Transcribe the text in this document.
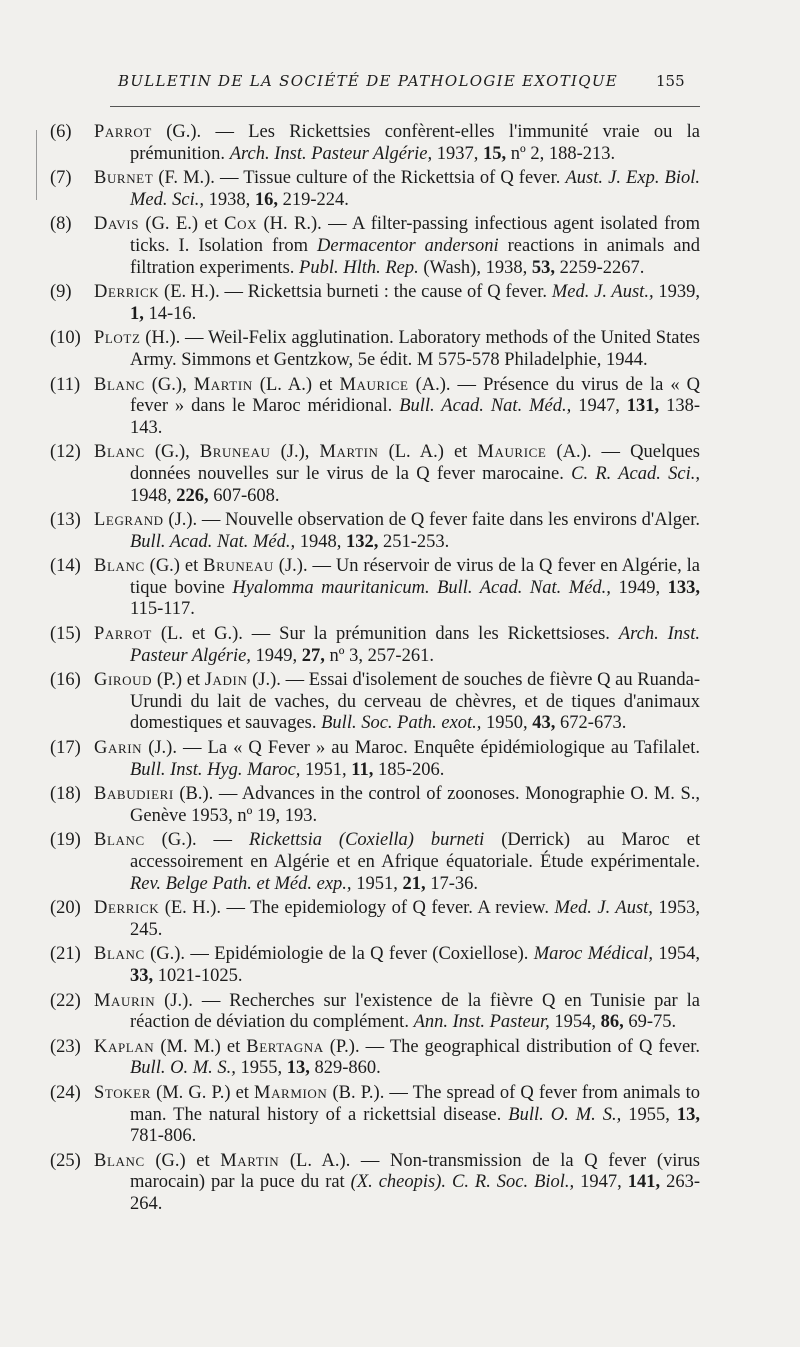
BULLETIN DE LA SOCIÉTÉ DE PATHOLOGIE EXOTIQUE	155
(6)	Parrot (G.). — Les Rickettsies confèrent-elles l'immunité vraie ou la prémunition. Arch. Inst. Pasteur Algérie, 1937, 15, nº 2, 188-213.
(7)	Burnet (F. M.). — Tissue culture of the Rickettsia of Q fever. Aust. J. Exp. Biol. Med. Sci., 1938, 16, 219-224.
(8)	Davis (G. E.) et Cox (H. R.). — A filter-passing infectious agent isolated from ticks. I. Isolation from Dermacentor andersoni reactions in animals and filtration experiments. Publ. Hlth. Rep. (Wash), 1938, 53, 2259-2267.
(9)	Derrick (E. H.). — Rickettsia burneti : the cause of Q fever. Med. J. Aust., 1939, 1, 14-16.
(10) Plotz (H.). — Weil-Felix agglutination. Laboratory methods of the United States Army. Simmons et Gentzkow, 5e édit. M 575-578 Philadelphie, 1944.
(11) Blanc (G.), Martin (L. A.) et Maurice (A.). — Présence du virus de la « Q fever » dans le Maroc méridional. Bull. Acad. Nat. Méd., 1947, 131, 138-143.
(12) Blanc (G.), Bruneau (J.), Martin (L. A.) et Maurice (A.). — Quelques données nouvelles sur le virus de la Q fever marocaine. C. R. Acad. Sci., 1948, 226, 607-608.
(13) Legrand (J.). — Nouvelle observation de Q fever faite dans les environs d'Alger. Bull. Acad. Nat. Méd., 1948, 132, 251-253.
(14) Blanc (G.) et Bruneau (J.). — Un réservoir de virus de la Q fever en Algérie, la tique bovine Hyalomma mauritanicum. Bull. Acad. Nat. Méd., 1949, 133, 115-117.
(15) Parrot (L. et G.). — Sur la prémunition dans les Rickettsioses. Arch. Inst. Pasteur Algérie, 1949, 27, nº 3, 257-261.
(16) Giroud (P.) et Jadin (J.). — Essai d'isolement de souches de fièvre Q au Ruanda-Urundi du lait de vaches, du cerveau de chèvres, et de tiques d'animaux domestiques et sauvages. Bull. Soc. Path. exot., 1950, 43, 672-673.
(17) Garin (J.). — La « Q Fever » au Maroc. Enquête épidémiologique au Tafilalet. Bull. Inst. Hyg. Maroc, 1951, 11, 185-206.
(18) Babudieri (B.). — Advances in the control of zoonoses. Monographie O. M. S., Genève 1953, nº 19, 193.
(19) Blanc (G.). — Rickettsia (Coxiella) burneti (Derrick) au Maroc et accessoirement en Algérie et en Afrique équatoriale. Étude expérimentale. Rev. Belge Path. et Méd. exp., 1951, 21, 17-36.
(20) Derrick (E. H.). — The epidemiology of Q fever. A review. Med. J. Aust, 1953, 245.
(21) Blanc (G.). — Epidémiologie de la Q fever (Coxiellose). Maroc Médical, 1954, 33, 1021-1025.
(22) Maurin (J.). — Recherches sur l'existence de la fièvre Q en Tunisie par la réaction de déviation du complément. Ann. Inst. Pasteur, 1954, 86, 69-75.
(23) Kaplan (M. M.) et Bertagna (P.). — The geographical distribution of Q fever. Bull. O. M. S., 1955, 13, 829-860.
(24) Stoker (M. G. P.) et Marmion (B. P.). — The spread of Q fever from animals to man. The natural history of a rickettsial disease. Bull. O. M. S., 1955, 13, 781-806.
(25) Blanc (G.) et Martin (L. A.). — Non-transmission de la Q fever (virus marocain) par la puce du rat (X. cheopis). C. R. Soc. Biol., 1947, 141, 263-264.
